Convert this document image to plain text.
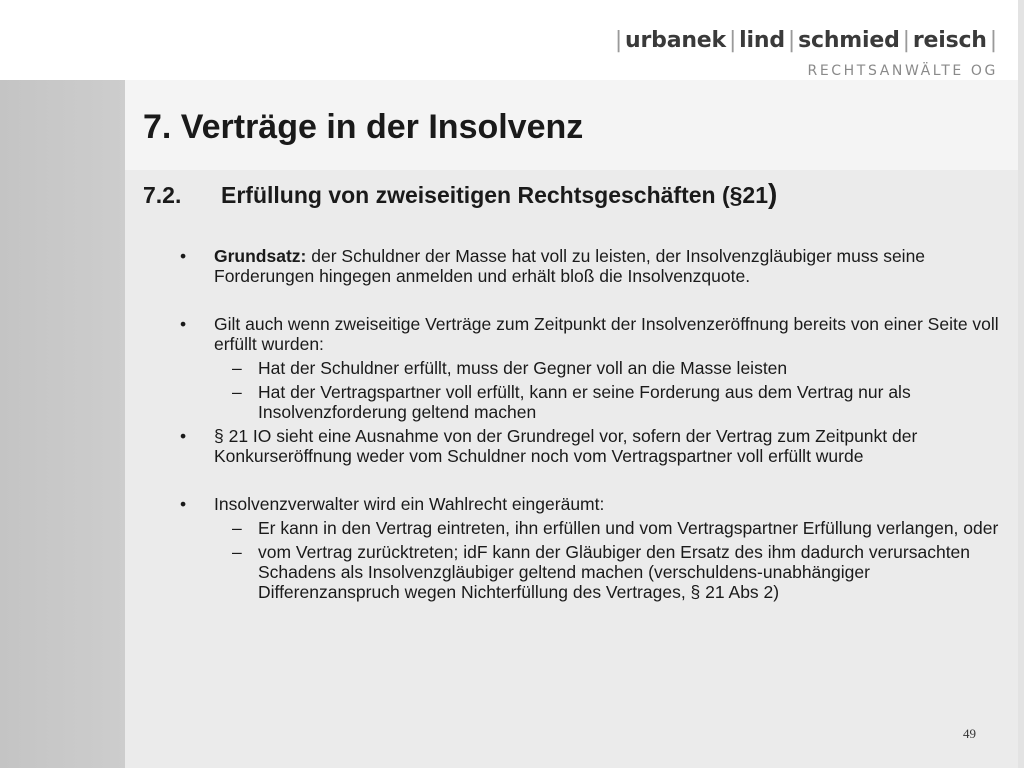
| urbanek | lind | schmied | reisch |
RECHTSANWÄLTE OG
7. Verträge in der Insolvenz
7.2. Erfüllung von zweiseitigen Rechtsgeschäften (§21)
• Grundsatz: der Schuldner der Masse hat voll zu leisten, der Insolvenzgläubiger muss seine Forderungen hingegen anmelden und erhält bloß die Insolvenzquote.
• Gilt auch wenn zweiseitige Verträge zum Zeitpunkt der Insolvenzeröffnung bereits von einer Seite voll erfüllt wurden:
– Hat der Schuldner erfüllt, muss der Gegner voll an die Masse leisten
– Hat der Vertragspartner voll erfüllt, kann er seine Forderung aus dem Vertrag nur als Insolvenzforderung geltend machen
• § 21 IO sieht eine Ausnahme von der Grundregel vor, sofern der Vertrag zum Zeitpunkt der Konkurseröffnung weder vom Schuldner noch vom Vertragspartner voll erfüllt wurde
• Insolvenzverwalter wird ein Wahlrecht eingeräumt:
– Er kann in den Vertrag eintreten, ihn erfüllen und vom Vertragspartner Erfüllung verlangen, oder
– vom Vertrag zurücktreten; idF kann der Gläubiger den Ersatz des ihm dadurch verursachten Schadens als Insolvenzgläubiger geltend machen (verschuldens-unabhängiger Differenzanspruch wegen Nichterfüllung des Vertrages, § 21 Abs 2)
49
